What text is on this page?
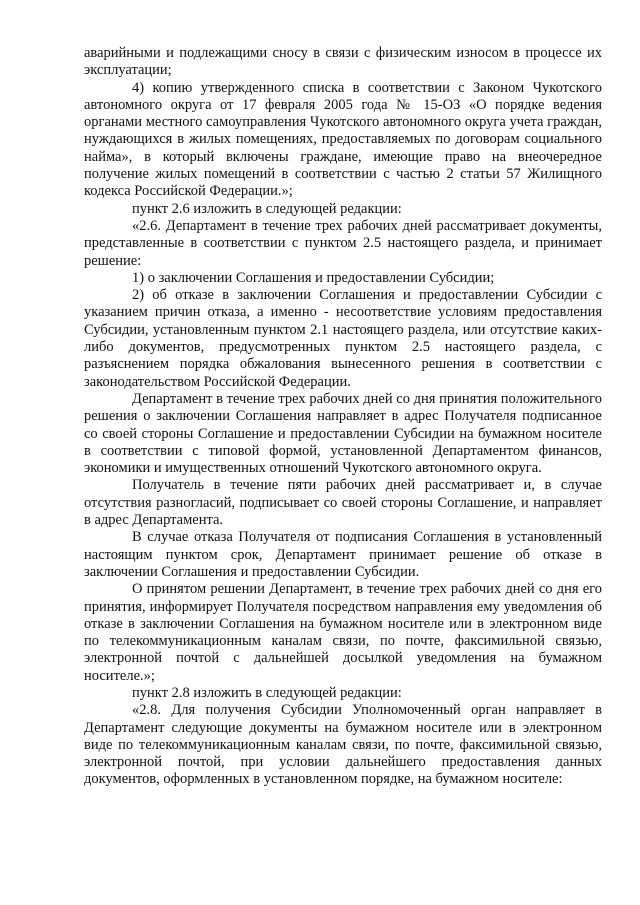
аварийными и подлежащими сносу в связи с физическим износом в процессе их эксплуатации;

4) копию утвержденного списка в соответствии с Законом Чукотского автономного округа от 17 февраля 2005 года № 15-ОЗ «О порядке ведения органами местного самоуправления Чукотского автономного округа учета граждан, нуждающихся в жилых помещениях, предоставляемых по договорам социального найма», в который включены граждане, имеющие право на внеочередное получение жилых помещений в соответствии с частью 2 статьи 57 Жилищного кодекса Российской Федерации.»;

пункт 2.6 изложить в следующей редакции:

«2.6. Департамент в течение трех рабочих дней рассматривает документы, представленные в соответствии с пунктом 2.5 настоящего раздела, и принимает решение:

1) о заключении Соглашения и предоставлении Субсидии;

2) об отказе в заключении Соглашения и предоставлении Субсидии с указанием причин отказа, а именно - несоответствие условиям предоставления Субсидии, установленным пунктом 2.1 настоящего раздела, или отсутствие каких-либо документов, предусмотренных пунктом 2.5 настоящего раздела, с разъяснением порядка обжалования вынесенного решения в соответствии с законодательством Российской Федерации.

Департамент в течение трех рабочих дней со дня принятия положительного решения о заключении Соглашения направляет в адрес Получателя подписанное со своей стороны Соглашение и предоставлении Субсидии на бумажном носителе в соответствии с типовой формой, установленной Департаментом финансов, экономики и имущественных отношений Чукотского автономного округа.

Получатель в течение пяти рабочих дней рассматривает и, в случае отсутствия разногласий, подписывает со своей стороны Соглашение, и направляет в адрес Департамента.

В случае отказа Получателя от подписания Соглашения в установленный настоящим пунктом срок, Департамент принимает решение об отказе в заключении Соглашения и предоставлении Субсидии.

О принятом решении Департамент, в течение трех рабочих дней со дня его принятия, информирует Получателя посредством направления ему уведомления об отказе в заключении Соглашения на бумажном носителе или в электронном виде по телекоммуникационным каналам связи, по почте, факсимильной связью, электронной почтой с дальнейшей досылкой уведомления на бумажном носителе.»;

пункт 2.8 изложить в следующей редакции:

«2.8. Для получения Субсидии Уполномоченный орган направляет в Департамент следующие документы на бумажном носителе или в электронном виде по телекоммуникационным каналам связи, по почте, факсимильной связью, электронной почтой, при условии дальнейшего предоставления данных документов, оформленных в установленном порядке, на бумажном носителе:
